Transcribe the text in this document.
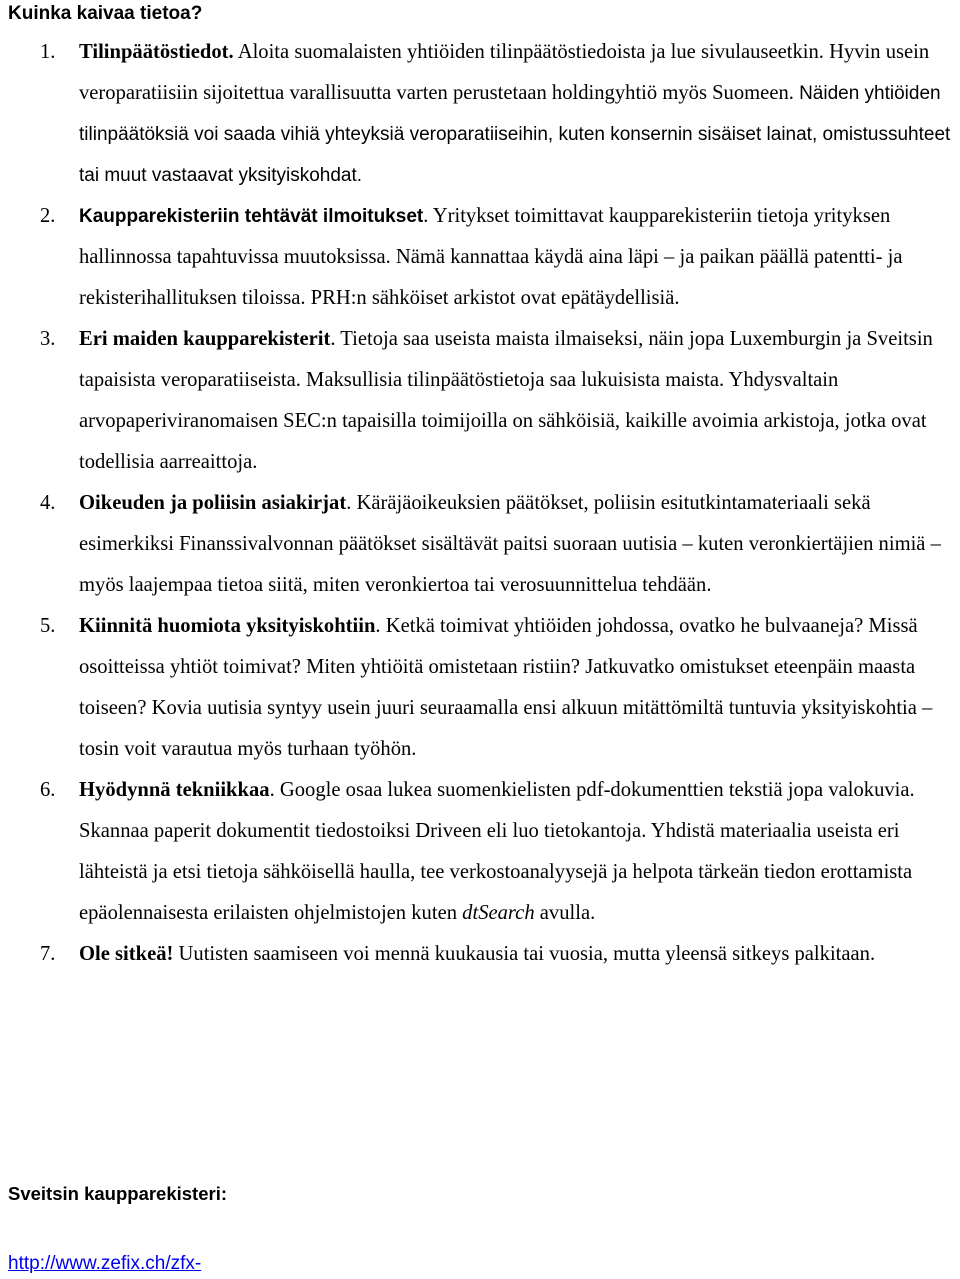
Kuinka kaivaa tietoa?
1. Tilinpäätöstiedot. Aloita suomalaisten yhtiöiden tilinpäätöstiedoista ja lue sivulauseetkin. Hyvin usein veroparatiisiin sijoitettua varallisuutta varten perustetaan holdingyhtiö myös Suomeen. Näiden yhtiöiden tilinpäätöksiä voi saada vihiä yhteyksiä veroparatiiseihin, kuten konsernin sisäiset lainat, omistussuhteet tai muut vastaavat yksityiskohdat.

2. Kaupparekisteriin tehtävät ilmoitukset. Yritykset toimittavat kaupparekisteriin tietoja yrityksen hallinnossa tapahtuvissa muutoksissa. Nämä kannattaa käydä aina läpi – ja paikan päällä patentti- ja rekisterihallituksen tiloissa. PRH:n sähköiset arkistot ovat epätäydellisiä.

3. Eri maiden kaupparekisterit. Tietoja saa useista maista ilmaiseksi, näin jopa Luxemburgin ja Sveitsin tapaisista veroparatiiseista. Maksullisia tilinpäätöstietoja saa lukuisista maista. Yhdysvaltain arvopaperiviranomaisen SEC:n tapaisilla toimijoilla on sähköisiä, kaikille avoimia arkistoja, jotka ovat todellisia aarreaittoja.

4. Oikeuden ja poliisin asiakirjat. Käräjäoikeuksien päätökset, poliisin esitutkintamateriaali sekä esimerkiksi Finanssivalvonnan päätökset sisältävät paitsi suoraan uutisia – kuten veronkiertäjien nimiä – myös laajempaa tietoa siitä, miten veronkiertoa tai verosuunnittelua tehdään.

5. Kiinnitä huomiota yksityiskohtiin. Ketkä toimivat yhtiöiden johdossa, ovatko he bulvaaneja? Missä osoitteissa yhtiöt toimivat? Miten yhtiöitä omistetaan ristiin? Jatkuvatko omistukset eteenpäin maasta toiseen? Kovia uutisia syntyy usein juuri seuraamalla ensi alkuun mitättömiltä tuntuvia yksityiskohtia – tosin voit varautua myös turhaan työhön.

6. Hyödynnä tekniikkaa. Google osaa lukea suomenkielisten pdf-dokumenttien tekstiä jopa valokuvia. Skannaa paperit dokumentit tiedostoiksi Driveen eli luo tietokantoja. Yhdistä materiaalia useista eri lähteistä ja etsi tietoja sähköisellä haulla, tee verkostoanalyysejä ja helpota tärkeän tiedon erottamista epäolennaisesta erilaisten ohjelmistojen kuten dtSearch avulla.

7. Ole sitkeä! Uutisten saamiseen voi mennä kuukausia tai vuosia, mutta yleensä sitkeys palkitaan.

Sveitsin kaupparekisteri:
http://www.zefix.ch/zfx-
